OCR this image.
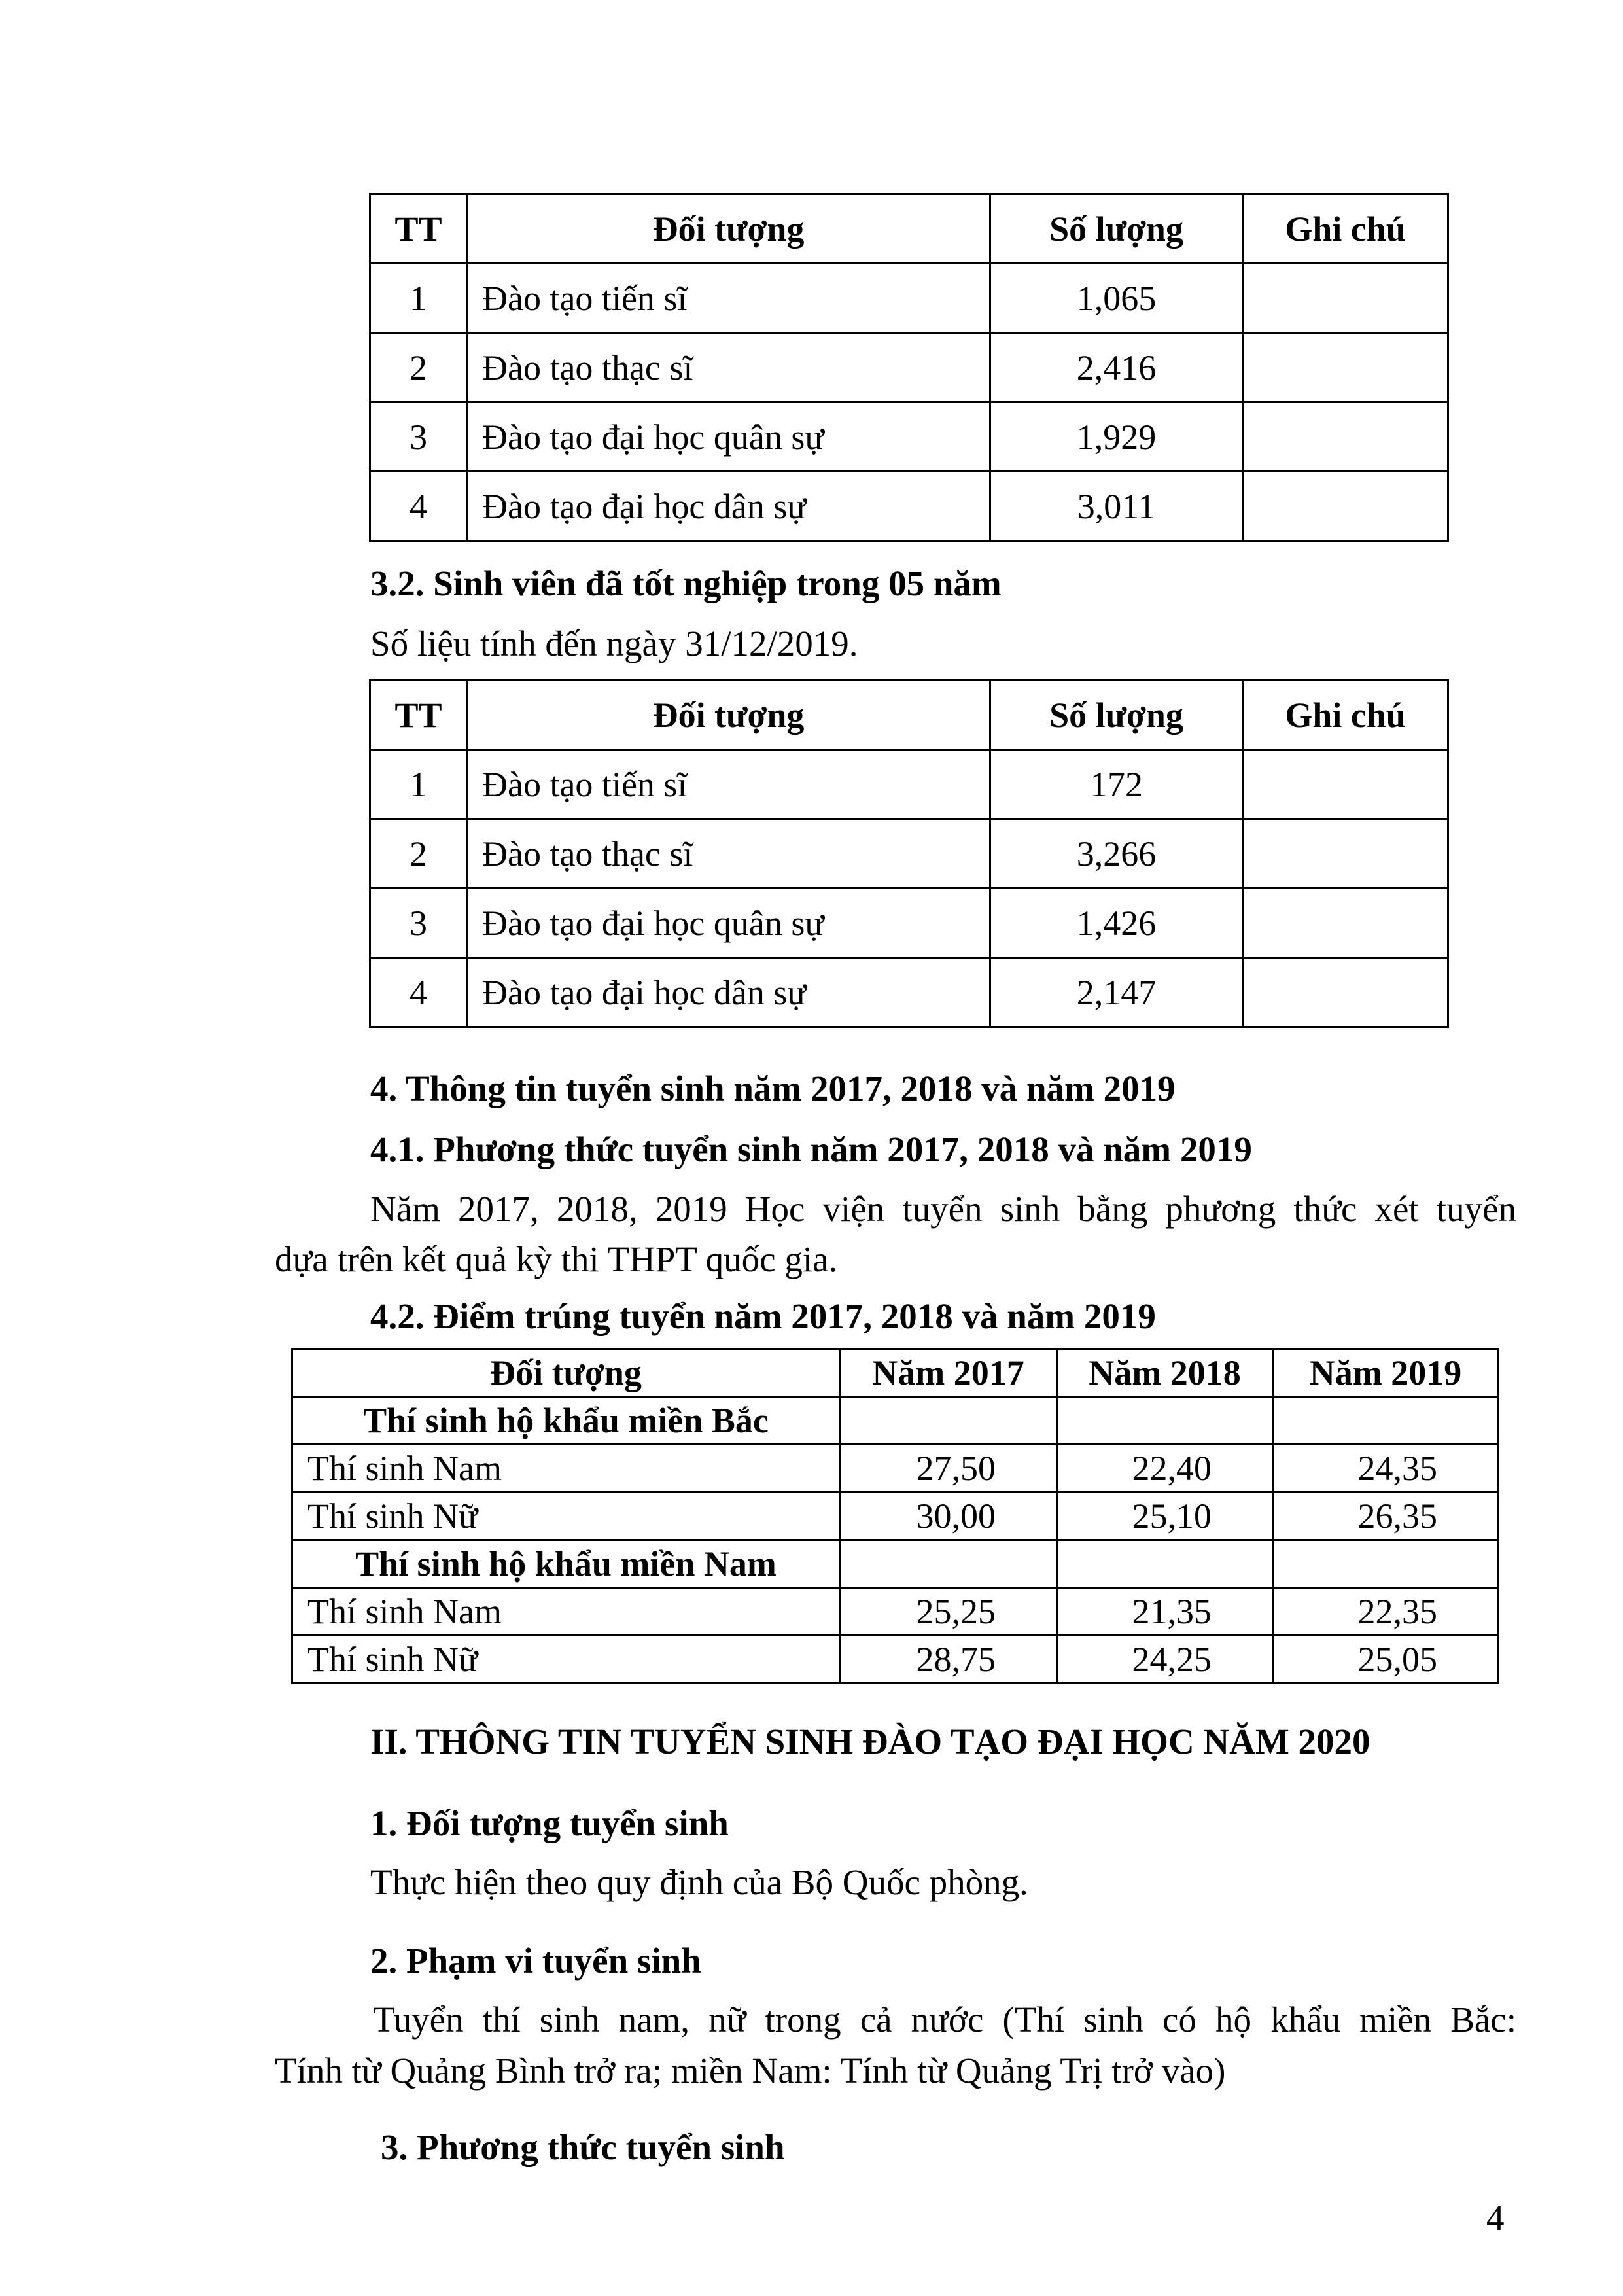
TT	Đối tượng	Số lượng	Ghi chú
1	Đào tạo tiến sĩ	1,065	
2	Đào tạo thạc sĩ	2,416	
3	Đào tạo đại học quân sự	1,929	
4	Đào tạo đại học dân sự	3,011	
3.2. Sinh viên đã tốt nghiệp trong 05 năm
Số liệu tính đến ngày 31/12/2019.
TT	Đối tượng	Số lượng	Ghi chú
1	Đào tạo tiến sĩ	172	
2	Đào tạo thạc sĩ	3,266	
3	Đào tạo đại học quân sự	1,426	
4	Đào tạo đại học dân sự	2,147	
4. Thông tin tuyển sinh năm 2017, 2018 và năm 2019
4.1. Phương thức tuyển sinh năm 2017, 2018 và năm 2019
Năm 2017, 2018, 2019 Học viện tuyển sinh bằng phương thức xét tuyển
dựa trên kết quả kỳ thi THPT quốc gia.
4.2. Điểm trúng tuyển năm 2017, 2018 và năm 2019
Đối tượng	Năm 2017	Năm 2018	Năm 2019
Thí sinh hộ khẩu miền Bắc			
Thí sinh Nam	27,50	22,40	24,35
Thí sinh Nữ	30,00	25,10	26,35
Thí sinh hộ khẩu miền Nam			
Thí sinh Nam	25,25	21,35	22,35
Thí sinh Nữ	28,75	24,25	25,05
II. THÔNG TIN TUYỂN SINH ĐÀO TẠO ĐẠI HỌC NĂM 2020
1. Đối tượng tuyển sinh
Thực hiện theo quy định của Bộ Quốc phòng.
2. Phạm vi tuyển sinh
Tuyển thí sinh nam, nữ trong cả nước (Thí sinh có hộ khẩu miền Bắc:
Tính từ Quảng Bình trở ra; miền Nam: Tính từ Quảng Trị trở vào)
3. Phương thức tuyển sinh
4
